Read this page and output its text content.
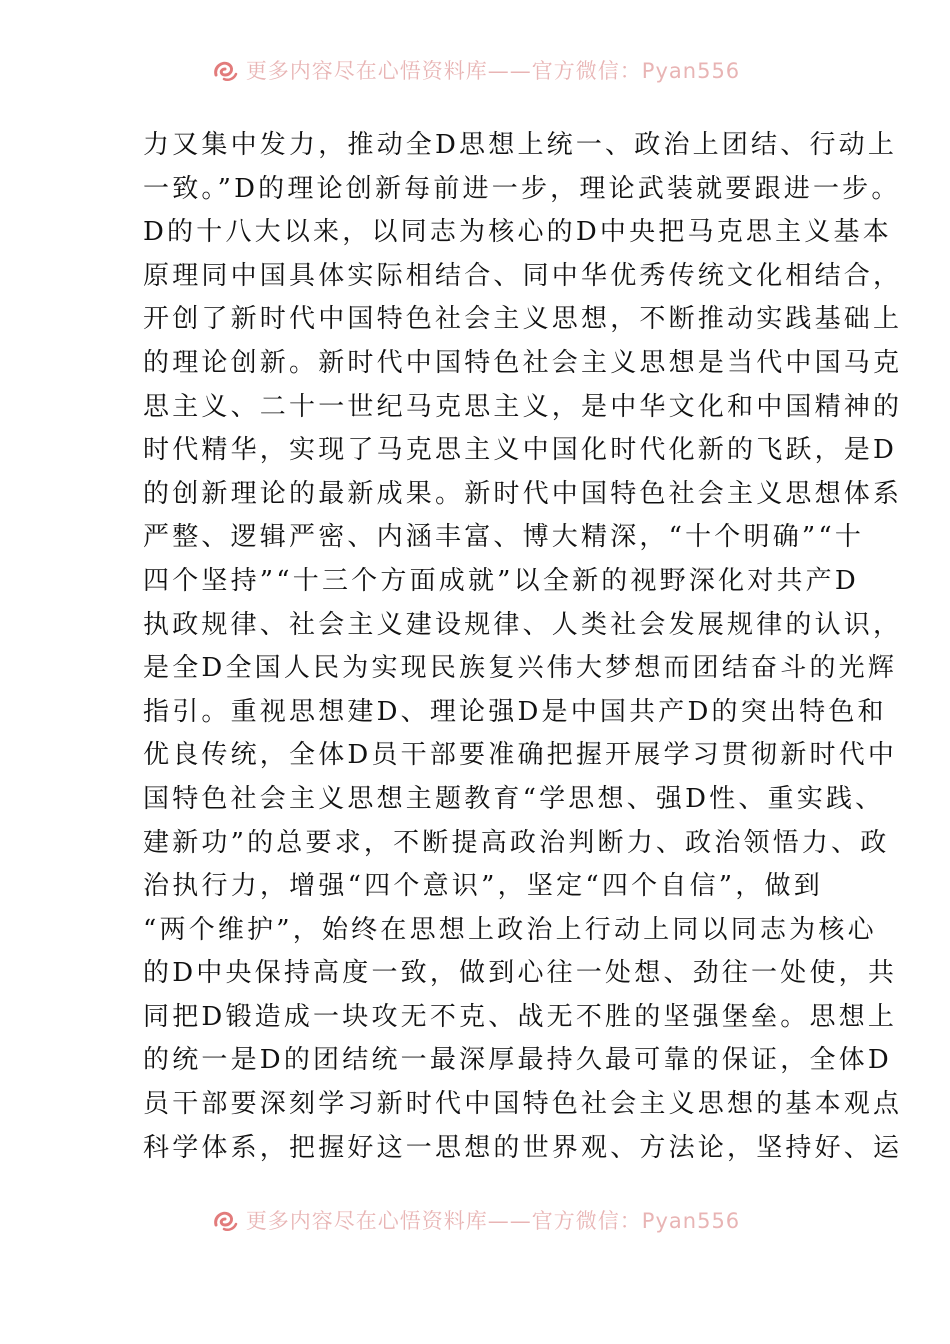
更多内容尽在心悟资料库——官方微信：Pyan556
力又集中发力，推动全D思想上统一、政治上团结、行动上
一致。”D的理论创新每前进一步，理论武装就要跟进一步。
D的十八大以来，以同志为核心的D中央把马克思主义基本
原理同中国具体实际相结合、同中华优秀传统文化相结合，
开创了新时代中国特色社会主义思想，不断推动实践基础上
的理论创新。新时代中国特色社会主义思想是当代中国马克
思主义、二十一世纪马克思主义，是中华文化和中国精神的
时代精华，实现了马克思主义中国化时代化新的飞跃，是D
的创新理论的最新成果。新时代中国特色社会主义思想体系
严整、逻辑严密、内涵丰富、博大精深，“十个明确”“十
四个坚持”“十三个方面成就”以全新的视野深化对共产D
执政规律、社会主义建设规律、人类社会发展规律的认识，
是全D全国人民为实现民族复兴伟大梦想而团结奋斗的光辉
指引。重视思想建D、理论强D是中国共产D的突出特色和
优良传统，全体D员干部要准确把握开展学习贯彻新时代中
国特色社会主义思想主题教育“学思想、强D性、重实践、
建新功”的总要求，不断提高政治判断力、政治领悟力、政
治执行力，增强“四个意识”，坚定“四个自信”，做到
“两个维护”，始终在思想上政治上行动上同以同志为核心
的D中央保持高度一致，做到心往一处想、劲往一处使，共
同把D锻造成一块攻无不克、战无不胜的坚强堡垒。思想上
的统一是D的团结统一最深厚最持久最可靠的保证，全体D
员干部要深刻学习新时代中国特色社会主义思想的基本观点
科学体系，把握好这一思想的世界观、方法论，坚持好、运
更多内容尽在心悟资料库——官方微信：Pyan556
